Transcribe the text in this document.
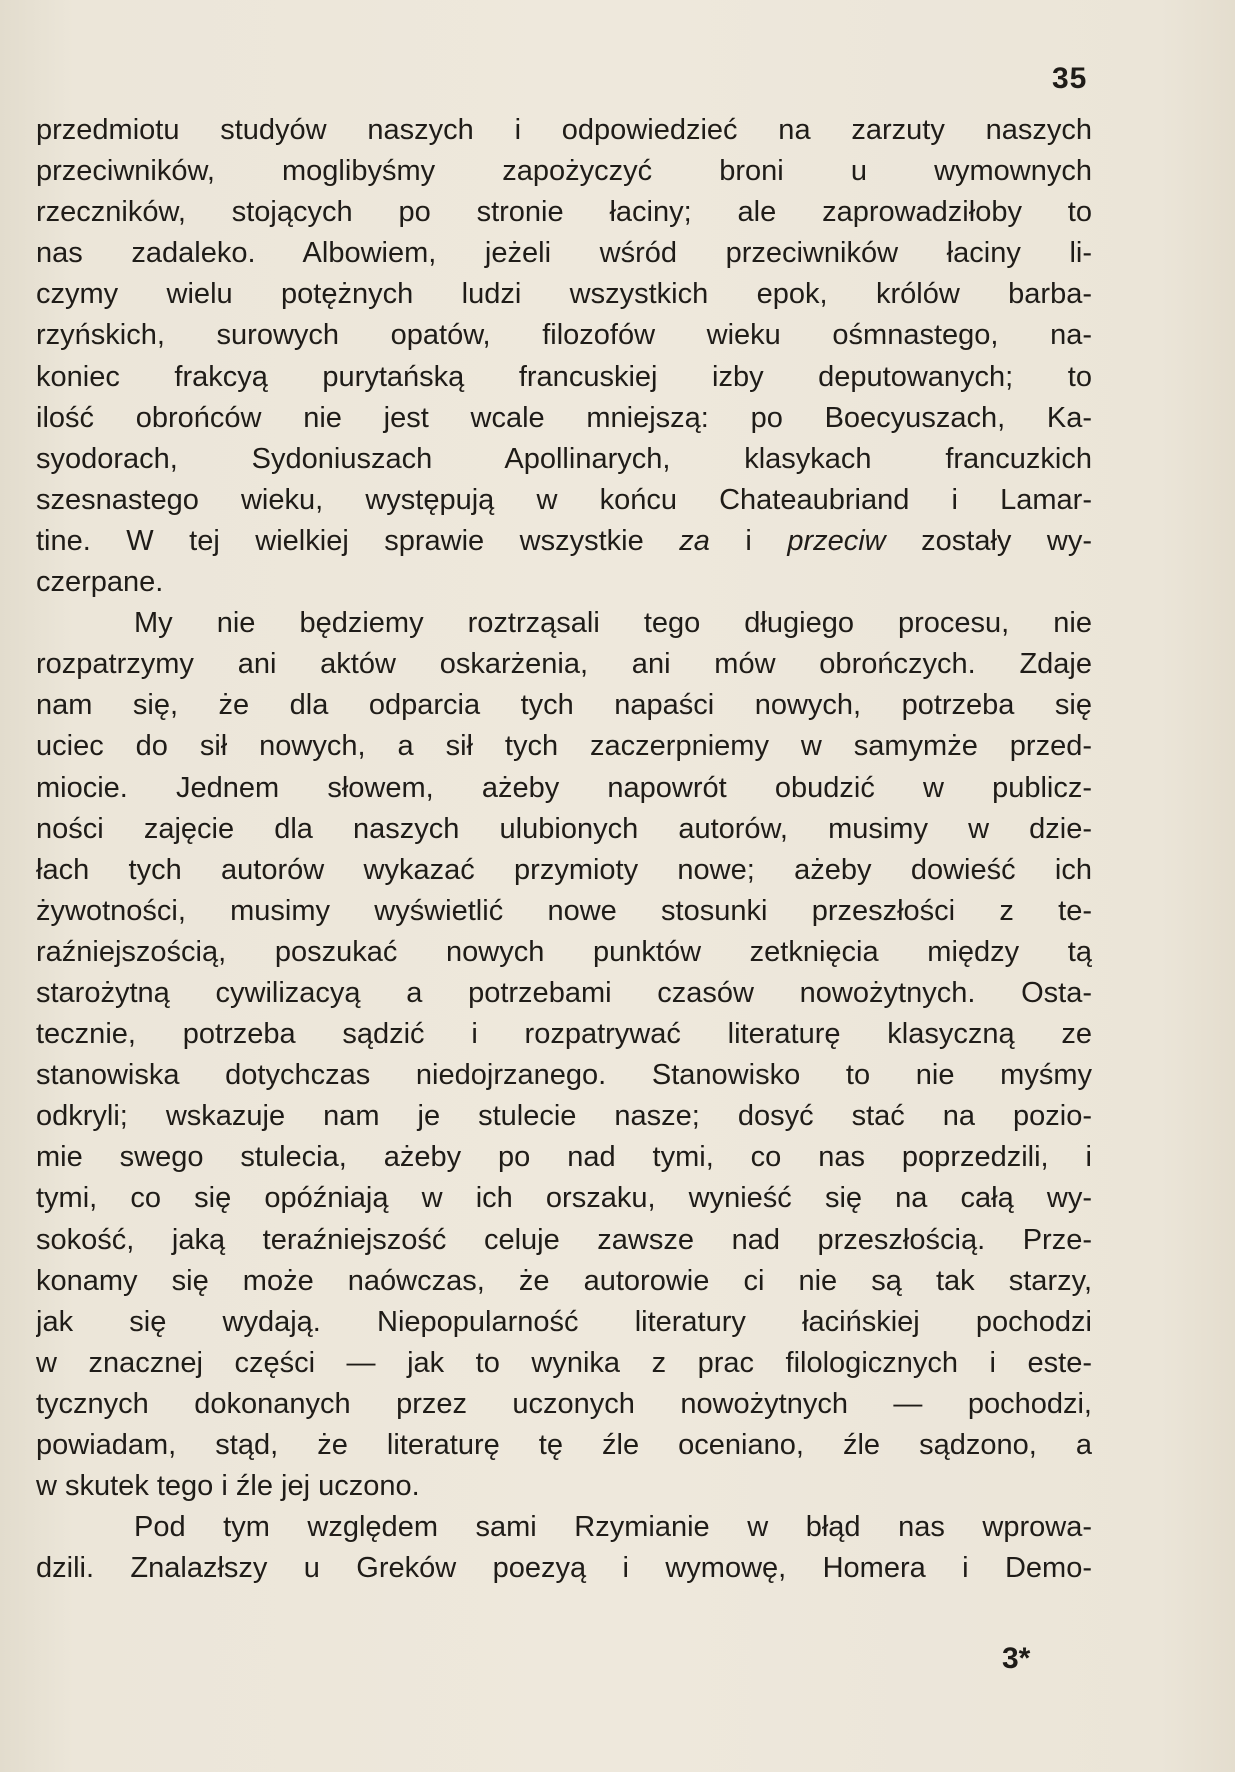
35
przedmiotu studyów naszych i odpowiedzieć na zarzuty naszych
przeciwników, moglibyśmy zapożyczyć broni u wymownych
rzeczników, stojących po stronie łaciny; ale zaprowadziłoby to
nas zadaleko. Albowiem, jeżeli wśród przeciwników łaciny li-
czymy wielu potężnych ludzi wszystkich epok, królów barba-
rzyńskich, surowych opatów, filozofów wieku ośmnastego, na-
koniec frakcyą purytańską francuskiej izby deputowanych; to
ilość obrońców nie jest wcale mniejszą: po Boecyuszach, Ka-
syodorach, Sydoniuszach Apollinarych, klasykach francuzkich
szesnastego wieku, występują w końcu Chateaubriand i Lamar-
tine. W tej wielkiej sprawie wszystkie za i przeciw zostały wy-
czerpane.
My nie będziemy roztrząsali tego długiego procesu, nie
rozpatrzymy ani aktów oskarżenia, ani mów obrończych. Zdaje
nam się, że dla odparcia tych napaści nowych, potrzeba się
uciec do sił nowych, a sił tych zaczerpniemy w samymże przed-
miocie. Jednem słowem, ażeby napowrót obudzić w publicz-
ności zajęcie dla naszych ulubionych autorów, musimy w dzie-
łach tych autorów wykazać przymioty nowe; ażeby dowieść ich
żywotności, musimy wyświetlić nowe stosunki przeszłości z te-
raźniejszością, poszukać nowych punktów zetknięcia między tą
starożytną cywilizacyą a potrzebami czasów nowożytnych. Osta-
tecznie, potrzeba sądzić i rozpatrywać literaturę klasyczną ze
stanowiska dotychczas niedojrzanego. Stanowisko to nie myśmy
odkryli; wskazuje nam je stulecie nasze; dosyć stać na pozio-
mie swego stulecia, ażeby po nad tymi, co nas poprzedzili, i
tymi, co się opóźniają w ich orszaku, wynieść się na całą wy-
sokość, jaką teraźniejszość celuje zawsze nad przeszłością. Prze-
konamy się może naówczas, że autorowie ci nie są tak starzy,
jak się wydają. Niepopularność literatury łacińskiej pochodzi
w znacznej części — jak to wynika z prac filologicznych i este-
tycznych dokonanych przez uczonych nowożytnych — pochodzi,
powiadam, stąd, że literaturę tę źle oceniano, źle sądzono, a
w skutek tego i źle jej uczono.
Pod tym względem sami Rzymianie w błąd nas wprowa-
dzili. Znalazłszy u Greków poezyą i wymowę, Homera i Demo-
3*
